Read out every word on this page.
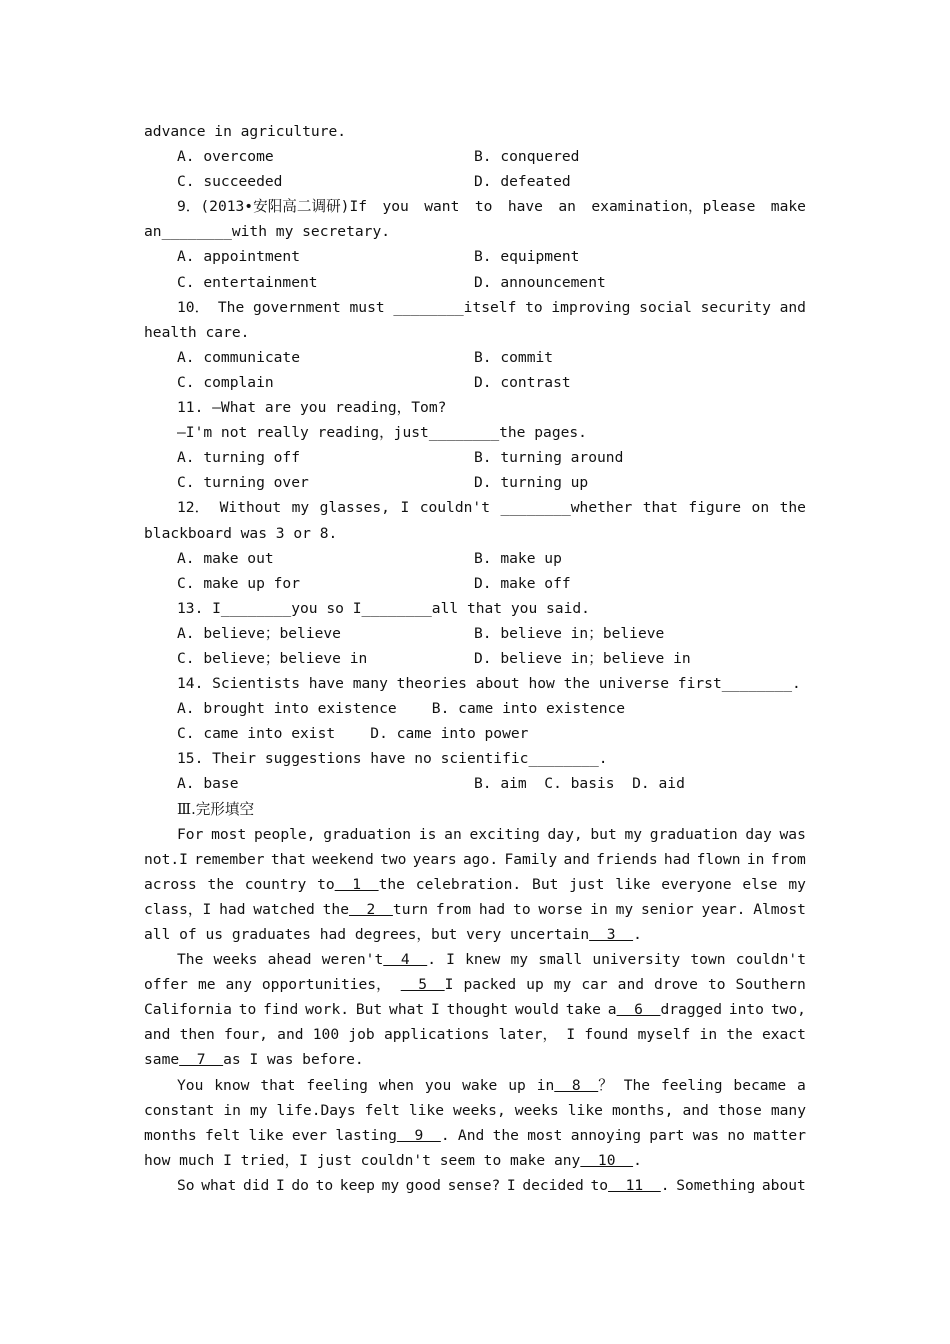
advance in agriculture.
A. overcome	B. conquered
C. succeeded	D. defeated
9．(2013•安阳高二调研)If you want to have an examination，please make
an________with my secretary.
A. appointment	B. equipment
C. entertainment	D. announcement
10． The government must ________itself to improving social security and
health care.
A. communicate	B. commit
C. complain	D. contrast
11. —What are you reading，Tom?
—I'm not really reading，just________the pages.
A. turning off	B. turning around
C. turning over	D. turning up
12． Without my glasses, I couldn't ________whether that figure on the
blackboard was 3 or 8.
A. make out	B. make up
C. make up for	D. make off
13. I________you so I________all that you said.
A. believe；believe	B. believe in；believe
C. believe；believe in	D. believe in；believe in
14. Scientists have many theories about how the universe first________.
A. brought into existence    B. came into existence
C. came into exist    D. came into power
15. Their suggestions have no scientific________.
A. base	B. aim  C. basis  D. aid
Ⅲ.完形填空
For most people, graduation is an exciting day, but my graduation day was
not.I remember that weekend two years ago. Family and friends had flown in from
across the country to  1  the celebration. But just like everyone else my
class，I had watched the  2  turn from had to worse in my senior year. Almost
all of us graduates had degrees，but very uncertain  3  .
The weeks ahead weren't  4  . I knew my small university town couldn't
offer me any opportunities， 5  I packed up my car and drove to Southern
California to find work. But what I thought would take a  6  dragged into two,
and then four, and 100 job applications later， I found myself in the exact
same  7  as I was before.
You know that feeling when you wake up in  8  ？ The feeling became a
constant in my life.Days felt like weeks, weeks like months, and those many
months felt like ever lasting  9  . And the most annoying part was no matter
how much I tried，I just couldn't seem to make any  10  .
So what did I do to keep my good sense? I decided to  11  . Something about
